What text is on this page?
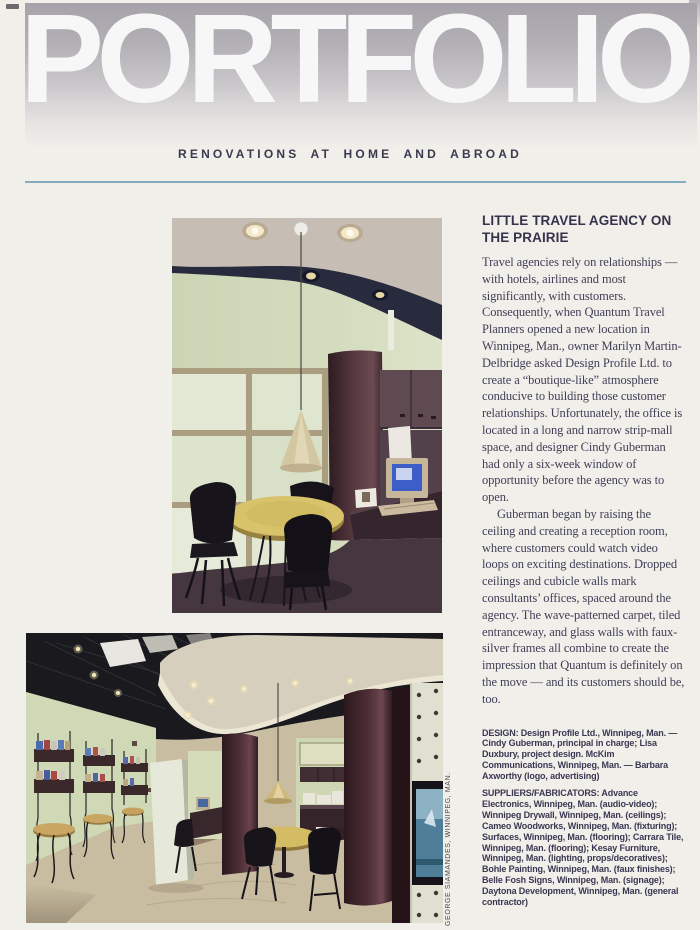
PORTFOLIO
RENOVATIONS AT HOME AND ABROAD
GEORGE SIAMANDES, WINNIPEG, MAN.
LITTLE TRAVEL AGENCY ON
THE PRAIRIE

Travel agencies rely on relationships — with hotels, airlines and most significantly, with customers. Consequently, when Quantum Travel Planners opened a new location in Winnipeg, Man., owner Marilyn Martin-Delbridge asked Design Profile Ltd. to create a “boutique-like” atmosphere conducive to building those customer relationships. Unfortunately, the office is located in a long and narrow strip-mall space, and designer Cindy Guberman had only a six-week window of opportunity before the agency was to open.

Guberman began by raising the ceiling and creating a reception room, where customers could watch video loops on exciting destinations. Dropped ceilings and cubicle walls mark consultants’ offices, spaced around the agency. The wave-patterned carpet, tiled entranceway, and glass walls with faux-silver frames all combine to create the impression that Quantum is definitely on the move — and its customers should be, too.

DESIGN: Design Profile Ltd., Winnipeg, Man. — Cindy Guberman, principal in charge; Lisa Duxbury, project design. McKim Communications, Winnipeg, Man. — Barbara Axworthy (logo, advertising)

SUPPLIERS/FABRICATORS: Advance Electronics, Winnipeg, Man. (audio-video); Winnipeg Drywall, Winnipeg, Man. (ceilings); Cameo Woodworks, Winnipeg, Man. (fixturing); Surfaces, Winnipeg, Man. (flooring); Carrara Tile, Winnipeg, Man. (flooring); Kesay Furniture, Winnipeg, Man. (lighting, props/decoratives); Bohle Painting, Winnipeg, Man. (faux finishes); Belle Fosh Signs, Winnipeg, Man. (signage); Daytona Development, Winnipeg, Man. (general contractor)
